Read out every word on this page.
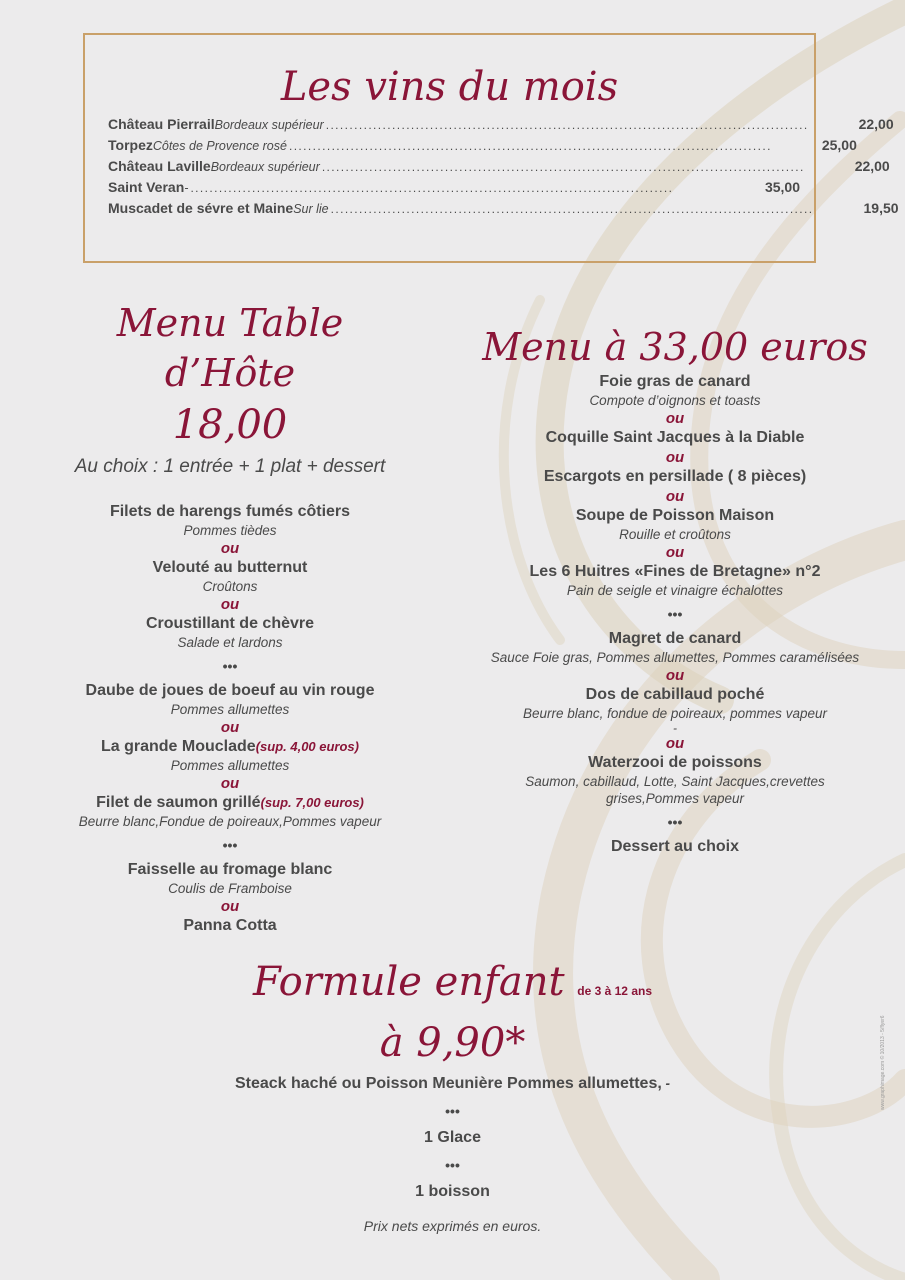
Les vins du mois
Château Pierrail Bordeaux supérieur ......................................................................................................	22,00
Torpez Côtes de Provence rosé ......................................................................................................	25,00
Château Laville Bordeaux supérieur ......................................................................................................	22,00
Saint Veran - ......................................................................................................	35,00
Muscadet de sévre et Maine Sur lie ......................................................................................................	19,50
Menu Table d’Hôte
18,00
Au choix : 1 entrée + 1 plat + dessert
Filets de harengs fumés côtiers
Pommes tièdes
ou
Velouté au butternut
Croûtons
ou
Croustillant de chèvre
Salade et lardons
•••
Daube de joues de boeuf au vin rouge
Pommes allumettes
ou
La grande Mouclade(sup. 4,00 euros)
Pommes allumettes
ou
Filet de saumon grillé(sup. 7,00 euros)
Beurre blanc,Fondue de poireaux,Pommes vapeur
•••
Faisselle au fromage blanc
Coulis de Framboise
ou
Panna Cotta
Menu à 33,00 euros
Foie gras de canard
Compote d’oignons et toasts
ou
Coquille Saint Jacques à la Diable
ou
Escargots en persillade ( 8 pièces)
ou
Soupe de Poisson Maison
Rouille et croûtons
ou
Les 6 Huitres «Fines de Bretagne» n°2
Pain de seigle et vinaigre échalottes
•••
Magret de canard
Sauce Foie gras, Pommes allumettes, Pommes caramélisées
ou
Dos de cabillaud poché
Beurre blanc, fondue de poireaux, pommes vapeur
-
ou
Waterzooi de poissons
Saumon, cabillaud, Lotte, Saint Jacques,crevettes
grises,Pommes vapeur
•••
Dessert au choix
Formule enfant de 3 à 12 ans
à 9,90*
Steack haché ou Poisson Meunière Pommes allumettes, -
•••
1 Glace
•••
1 boisson
Prix nets exprimés en euros.
www.graphimage.com © 10/2013 - 5/flyer6
